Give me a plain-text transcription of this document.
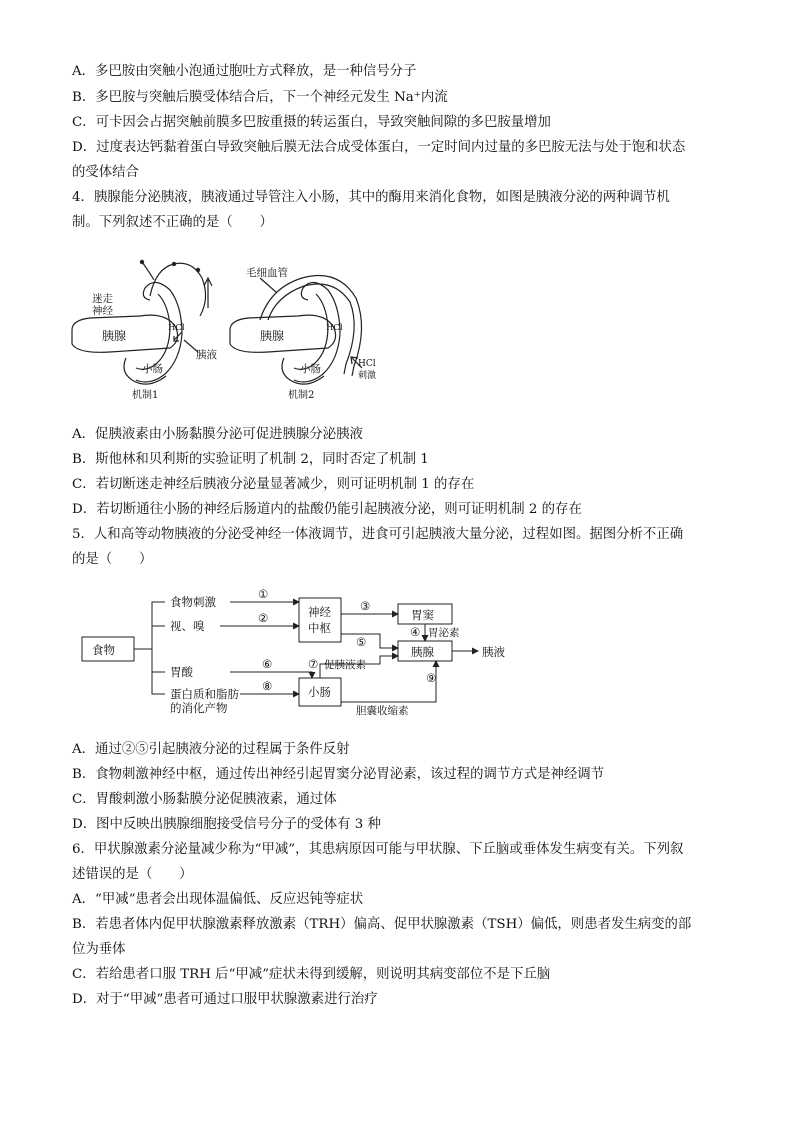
A．多巴胺由突触小泡通过胞吐方式释放，是一种信号分子
B．多巴胺与突触后膜受体结合后，下一个神经元发生 Na⁺内流
C．可卡因会占据突触前膜多巴胺重摄的转运蛋白，导致突触间隙的多巴胺量增加
D．过度表达钙黏着蛋白导致突触后膜无法合成受体蛋白，一定时间内过量的多巴胺无法与处于饱和状态
的受体结合
4．胰腺能分泌胰液，胰液通过导管注入小肠，其中的酶用来消化食物，如图是胰液分泌的两种调节机
制。下列叙述不正确的是（　　）
迷走
神经
胰腺
HCl
胰液
小肠
机制1
毛细血管
胰腺
HCl
小肠	HCl
刺激
机制2
A．促胰液素由小肠黏膜分泌可促进胰腺分泌胰液
B．斯他林和贝利斯的实验证明了机制 2，同时否定了机制 1
C．若切断迷走神经后胰液分泌量显著减少，则可证明机制 1 的存在
D．若切断通往小肠的神经后肠道内的盐酸仍能引起胰液分泌，则可证明机制 2 的存在
5．人和高等动物胰液的分泌受神经一体液调节，进食可引起胰液大量分泌，过程如图。据图分析不正确
的是（　　）
食物
食物刺激
视、嗅
胃酸
蛋白质和脂肪
的消化产物
神经
中枢
胃窦
胰腺
小肠
胰液
胃泌素
促胰液素
胆囊收缩素
①
②
③
④
⑤
⑥	⑦
⑧
⑨
A．通过②⑤引起胰液分泌的过程属于条件反射
B．食物刺激神经中枢，通过传出神经引起胃窦分泌胃泌素，该过程的调节方式是神经调节
C．胃酸刺激小肠黏膜分泌促胰液素，通过体
D．图中反映出胰腺细胞接受信号分子的受体有 3 种
6．甲状腺激素分泌量减少称为“甲减”，其患病原因可能与甲状腺、下丘脑或垂体发生病变有关。下列叙
述错误的是（　　）
A．“甲减”患者会出现体温偏低、反应迟钝等症状
B．若患者体内促甲状腺激素释放激素（TRH）偏高、促甲状腺激素（TSH）偏低，则患者发生病变的部
位为垂体
C．若给患者口服 TRH 后“甲减”症状未得到缓解，则说明其病变部位不是下丘脑
D．对于“甲减”患者可通过口服甲状腺激素进行治疗
